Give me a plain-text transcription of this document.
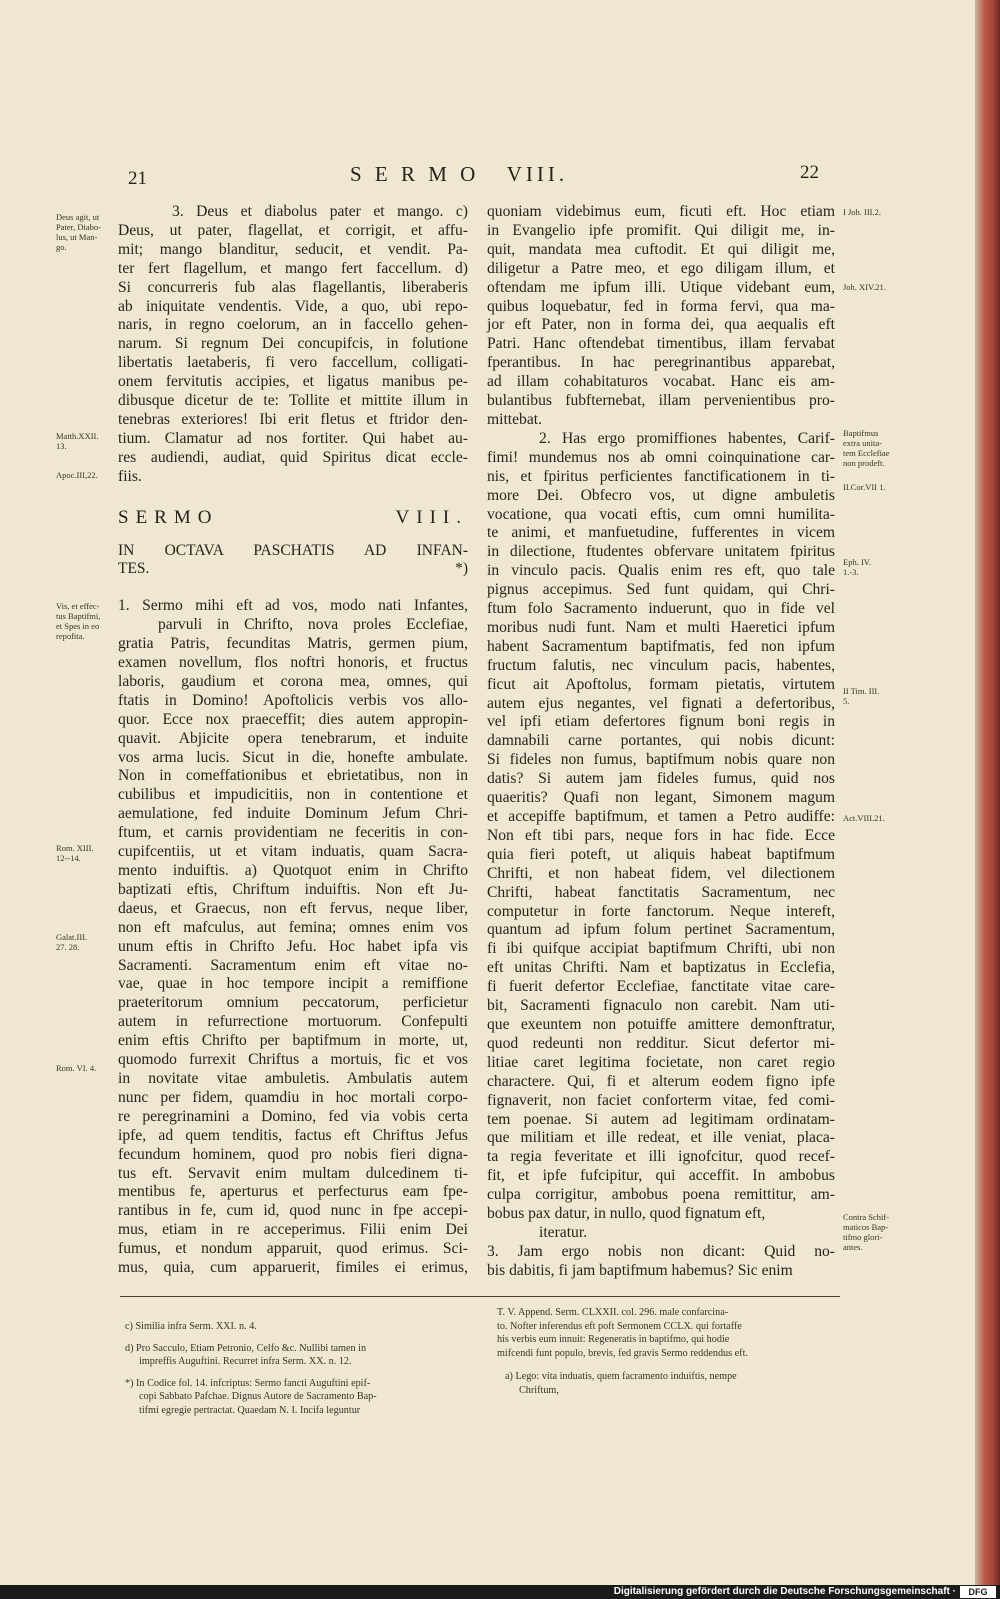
21	S E R M O   VIII.	22
3. Deus et diabolus pater et mango. c)
Deus, ut pater, flagellat, et corrigit, et affu-
mit; mango blanditur, seducit, et vendit. Pa-
ter fert flagellum, et mango fert faccellum. d)
Si concurreris fub alas flagellantis, liberaberis
ab iniquitate vendentis. Vide, a quo, ubi repo-
naris, in regno coelorum, an in faccello gehen-
narum. Si regnum Dei concupifcis, in folutione
libertatis laetaberis, fi vero faccellum, colligati-
onem fervitutis accipies, et ligatus manibus pe-
dibusque dicetur de te: Tollite et mittite illum in
tenebras exteriores! Ibi erit fletus et ftridor den-
tium. Clamatur ad nos fortiter. Qui habet au-
res audiendi, audiat, quid Spiritus dicat eccle-
fiis.
SERMO VIII.
IN OCTAVA PASCHATIS AD INFAN-
TES. *)
1. Sermo mihi eft ad vos, modo nati Infantes,
parvuli in Chrifto, nova proles Ecclefiae,
gratia Patris, fecunditas Matris, germen pium,
examen novellum, flos noftri honoris, et fructus
laboris, gaudium et corona mea, omnes, qui
ftatis in Domino! Apoftolicis verbis vos allo-
quor. Ecce nox praeceffit; dies autem appropin-
quavit. Abjicite opera tenebrarum, et induite
vos arma lucis. Sicut in die, honefte ambulate.
Non in comeffationibus et ebrietatibus, non in
cubilibus et impudicitiis, non in contentione et
aemulatione, fed induite Dominum Jefum Chri-
ftum, et carnis providentiam ne feceritis in con-
cupifcentiis, ut et vitam induatis, quam Sacra-
mento induiftis. a) Quotquot enim in Chrifto
baptizati eftis, Chriftum induiftis. Non eft Ju-
daeus, et Graecus, non eft fervus, neque liber,
non eft mafculus, aut femina; omnes enim vos
unum eftis in Chrifto Jefu. Hoc habet ipfa vis
Sacramenti. Sacramentum enim eft vitae no-
vae, quae in hoc tempore incipit a remiffione
praeteritorum omnium peccatorum, perficietur
autem in refurrectione mortuorum. Confepulti
enim eftis Chrifto per baptifmum in morte, ut,
quomodo furrexit Chriftus a mortuis, fic et vos
in novitate vitae ambuletis. Ambulatis autem
nunc per fidem, quamdiu in hoc mortali corpo-
re peregrinamini a Domino, fed via vobis certa
ipfe, ad quem tenditis, factus eft Chriftus Jefus
fecundum hominem, quod pro nobis fieri digna-
tus eft. Servavit enim multam dulcedinem ti-
mentibus fe, aperturus et perfecturus eam fpe-
rantibus in fe, cum id, quod nunc in fpe accepi-
mus, etiam in re acceperimus. Filii enim Dei
fumus, et nondum apparuit, quod erimus. Sci-
mus, quia, cum apparuerit, fimiles ei erimus,
quoniam videbimus eum, ficuti eft. Hoc etiam
in Evangelio ipfe promifit. Qui diligit me, in-
quit, mandata mea cuftodit. Et qui diligit me,
diligetur a Patre meo, et ego diligam illum, et
oftendam me ipfum illi. Utique videbant eum,
quibus loquebatur, fed in forma fervi, qua ma-
jor eft Pater, non in forma dei, qua aequalis eft
Patri. Hanc oftendebat timentibus, illam fervabat
fperantibus. In hac peregrinantibus apparebat,
ad illam cohabitaturos vocabat. Hanc eis am-
bulantibus fubfternebat, illam pervenientibus pro-
mittebat.
2. Has ergo promiffiones habentes, Carif-
fimi! mundemus nos ab omni coinquinatione car-
nis, et fpiritus perficientes fanctificationem in ti-
more Dei. Obfecro vos, ut digne ambuletis
vocatione, qua vocati eftis, cum omni humilita-
te animi, et manfuetudine, fufferentes in vicem
in dilectione, ftudentes obfervare unitatem fpiritus
in vinculo pacis. Qualis enim res eft, quo tale
pignus accepimus. Sed funt quidam, qui Chri-
ftum folo Sacramento induerunt, quo in fide vel
moribus nudi funt. Nam et multi Haeretici ipfum
habent Sacramentum baptifmatis, fed non ipfum
fructum falutis, nec vinculum pacis, habentes,
ficut ait Apoftolus, formam pietatis, virtutem
autem ejus negantes, vel fignati a defertoribus,
vel ipfi etiam defertores fignum boni regis in
damnabili carne portantes, qui nobis dicunt:
Si fideles non fumus, baptifmum nobis quare non
datis? Si autem jam fideles fumus, quid nos
quaeritis? Quafi non legant, Simonem magum
et accepiffe baptifmum, et tamen a Petro audiffe:
Non eft tibi pars, neque fors in hac fide. Ecce
quia fieri poteft, ut aliquis habeat baptifmum
Chrifti, et non habeat fidem, vel dilectionem
Chrifti, habeat fanctitatis Sacramentum, nec
computetur in forte fanctorum. Neque intereft,
quantum ad ipfum folum pertinet Sacramentum,
fi ibi quifque accipiat baptifmum Chrifti, ubi non
eft unitas Chrifti. Nam et baptizatus in Ecclefia,
fi fuerit defertor Ecclefiae, fanctitate vitae care-
bit, Sacramenti fignaculo non carebit. Nam uti-
que exeuntem non potuiffe amittere demonftratur,
quod redeunti non redditur. Sicut defertor mi-
litiae caret legitima focietate, non caret regio
charactere. Qui, fi et alterum eodem figno ipfe
fignaverit, non faciet conforterm vitae, fed comi-
tem poenae. Si autem ad legitimam ordinatam-
que militiam et ille redeat, et ille veniat, placa-
ta regia feveritate et illi ignofcitur, quod recef-
fit, et ipfe fufcipitur, qui acceffit. In ambobus
culpa corrigitur, ambobus poena remittitur, am-
bobus pax datur, in nullo, quod fignatum eft,
iteratur.
3. Jam ergo nobis non dicant: Quid no-
bis dabitis, fi jam baptifmum habemus? Sic enim
Deus agit, ut
Pater, Diabo-
lus, ut Man-
go.
Matth.XXII.
13.
Apoc.III,22.
Vis, et effec-
tus Baptifmi,
et Spes in eo
repofita.
Rom. XIII.
12--14.
Galat.III.
27. 28.
Rom. VI. 4.
I Joh. III.2.
Joh. XIV.21.
Baptifmus
extra unita-
tem Ecclefiae
non prodeft.
II.Cor.VII 1.
Eph. IV.
1.-3.
II Tim. III.
5.
Act.VIII.21.
Contra Schif-
maticos Bap-
tifmo glori-
antes.
c) Similia infra Serm. XXI. n. 4.
d) Pro Sacculo, Etiam Petronio, Celfo &c. Nullibi tamen in
impreffis Auguftini. Recurret infra Serm. XX. n. 12.
*) In Codice fol. 14. infcriptus: Sermo fancti Auguftini epif-
copi Sabbato Pafchae. Dignus Autore de Sacramento Bap-
tifmi egregie pertractat. Quaedam N. I. Incifa leguntur
T. V. Append. Serm. CLXXII. col. 296. male confarcina-
to. Nofter inferendus eft poft Sermonem CCLX. qui fortaffe
his verbis eum innuit: Regeneratis in baptifmo, qui hodie
mifcendi funt populo, brevis, fed gravis Sermo reddendus eft.
a) Lego: vita induatis, quem facramento induiftis, nempe
Chriftum,
Digitalisierung gefördert durch die Deutsche Forschungsgemeinschaft ·	DFG
